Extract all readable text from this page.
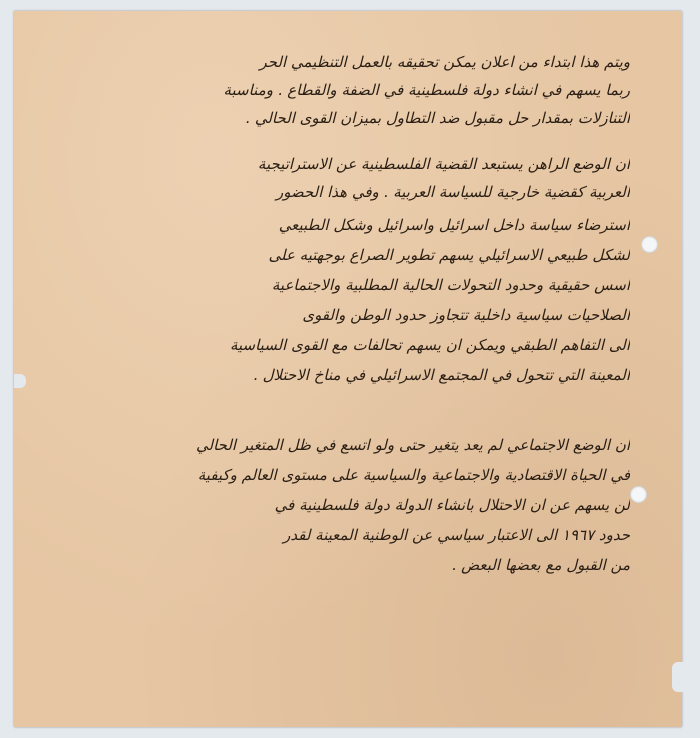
ويتم هذا ابتداء من اعلان يمكن تحقيقه بالعمل التنظيمي الحر
ربما يسهم في انشاء دولة فلسطينية في الضفة والقطاع . ومناسبة
التنازلات بمقدار حل مقبول ضد التطاول بميزان القوى الحالي .
ان الوضع الراهن يستبعد القضية الفلسطينية عن الاستراتيجية
العربية كقضية خارجية للسياسة العربية . وفي هذا الحضور

استرضاء سياسة داخل اسرائيل واسرائيل وشكل الطبيعي
لشكل طبيعي الاسرائيلي يسهم تطوير الصراع بوجهتيه على
اسس حقيقية وحدود التحولات الحالية المطلبية والاجتماعية
الصلاحيات سياسية داخلية تتجاوز حدود الوطن والقوى
الى التفاهم الطبقي ويمكن ان يسهم تحالفات مع القوى السياسية
المعينة التي تتحول في المجتمع الاسرائيلي في مناخ الاحتلال .

ان الوضع الاجتماعي لم يعد يتغير حتى ولو اتسع في ظل المتغير الحالي
في الحياة الاقتصادية والاجتماعية والسياسية على مستوى العالم وكيفية
لن يسهم عن ان الاحتلال بانشاء الدولة دولة فلسطينية في
حدود ١٩٦٧ الى الاعتبار سياسي عن الوطنية المعينة لقدر
من القبول مع بعضها البعض .
